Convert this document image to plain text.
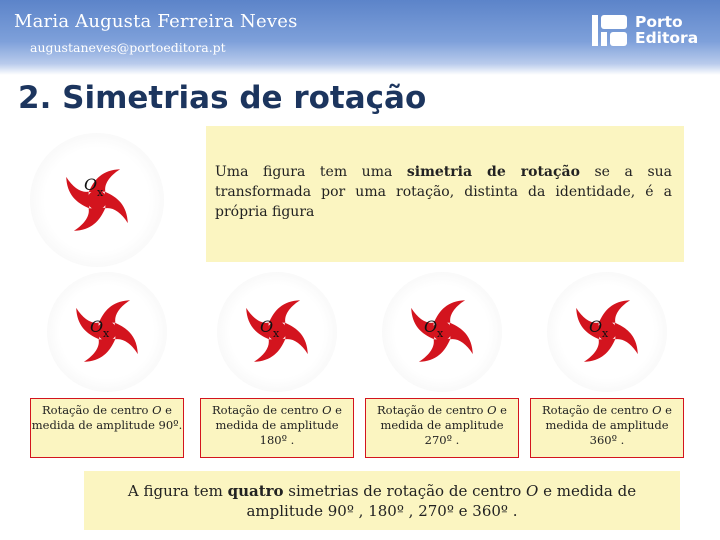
Maria Augusta Ferreira Neves
augustaneves@portoeditora.pt
Porto
Editora
2. Simetrias de rotação
Uma figura tem uma simetria de rotação se a sua transformada por uma rotação, distinta da identidade, é a própria figura
O x
O x	O x	O x	O x
Rotação de centro O e medida de amplitude 90º.
Rotação de centro O e medida de amplitude 180º .
Rotação de centro O e medida de amplitude 270º .
Rotação de centro O e medida de amplitude 360º .
A figura tem quatro simetrias de rotação de centro O e medida de amplitude 90º , 180º , 270º e 360º .
